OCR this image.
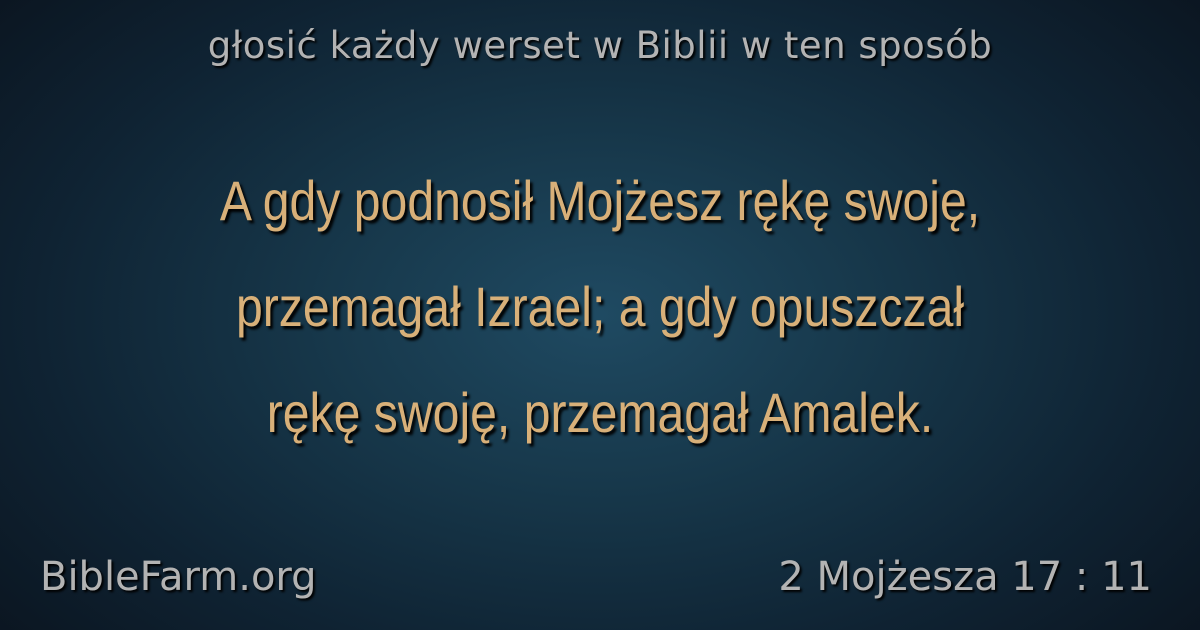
głosić każdy werset w Biblii w ten sposób
A gdy podnosił Mojżesz rękę swoję,
przemagał Izrael; a gdy opuszczał
rękę swoję, przemagał Amalek.
BibleFarm.org	2 Mojżesza 17 : 11
